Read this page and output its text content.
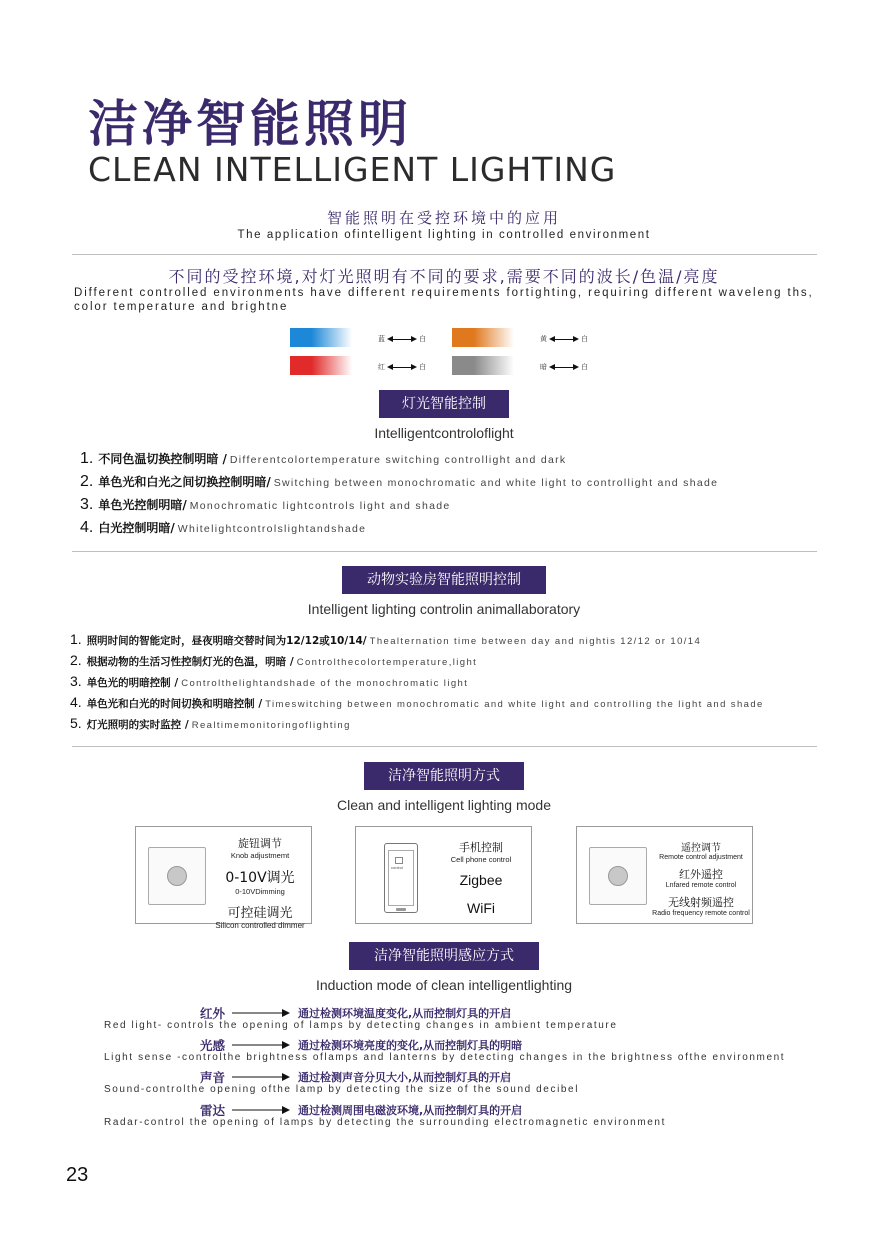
洁净智能照明
CLEAN INTELLIGENT LIGHTING
智能照明在受控环境中的应用
The application ofintelligent lighting in controlled environment
不同的受控环境,对灯光照明有不同的要求,需要不同的波长/色温/亮度
Different controlled environments have different requirements fortighting, requiring different waveleng ths, color temperature and brightne
蓝	白
红	白
黄	白
暗	白
灯光智能控制
Intelligentcontroloflight
1. 不同色温切换控制明暗 / Differentcolortemperature switching controllight and dark
2. 单色光和白光之间切换控制明暗/ Switching between monochromatic and white light to controllight and shade
3. 单色光控制明暗/ Monochromatic lightcontrols light and shade
4. 白光控制明暗/ Whitelightcontrolslightandshade
动物实验房智能照明控制
Intelligent lighting controlin animallaboratory
1. 照明时间的智能定时，昼夜明暗交替时间为12/12或10/14/ Thealternation time between day and nightis 12/12 or 10/14
2. 根据动物的生活习性控制灯光的色温，明暗 / Controlthecolortemperature,light
3. 单色光的明暗控制 / Controlthelightandshade of the monochromatic light
4. 单色光和白光的时间切换和明暗控制 / Timeswitching between monochromatic and white light and controlling the light and shade
5. 灯光照明的实时监控 / Realtimemonitoringoflighting
洁净智能照明方式
Clean and intelligent lighting mode
旋钮调节
Knob adjustmemt
0-10V调光
0-10VDimming
可控硅调光
Silicon controlled dimmer
control
手机控制
Cell phone control
Zigbee
WiFi
遥控调节
Remote control adjustment
红外遥控
Lnfared remote control
无线射频遥控
Radio frequency remote control
洁净智能照明感应方式
Induction mode of clean intelligentlighting
红外	通过检测环境温度变化,从而控制灯具的开启
Red light- controls the opening of lamps by detecting changes in ambient temperature
光感	通过检测环境亮度的变化,从而控制灯具的明暗
Light sense -controlthe brightness oflamps and lanterns by detecting changes in the brightness ofthe environment
声音	通过检测声音分贝大小,从而控制灯具的开启
Sound-controlthe opening ofthe lamp by detecting the size of the sound decibel
雷达	通过检测周围电磁波环境,从而控制灯具的开启
Radar-control the opening of lamps by detecting the surrounding electromagnetic environment
23
